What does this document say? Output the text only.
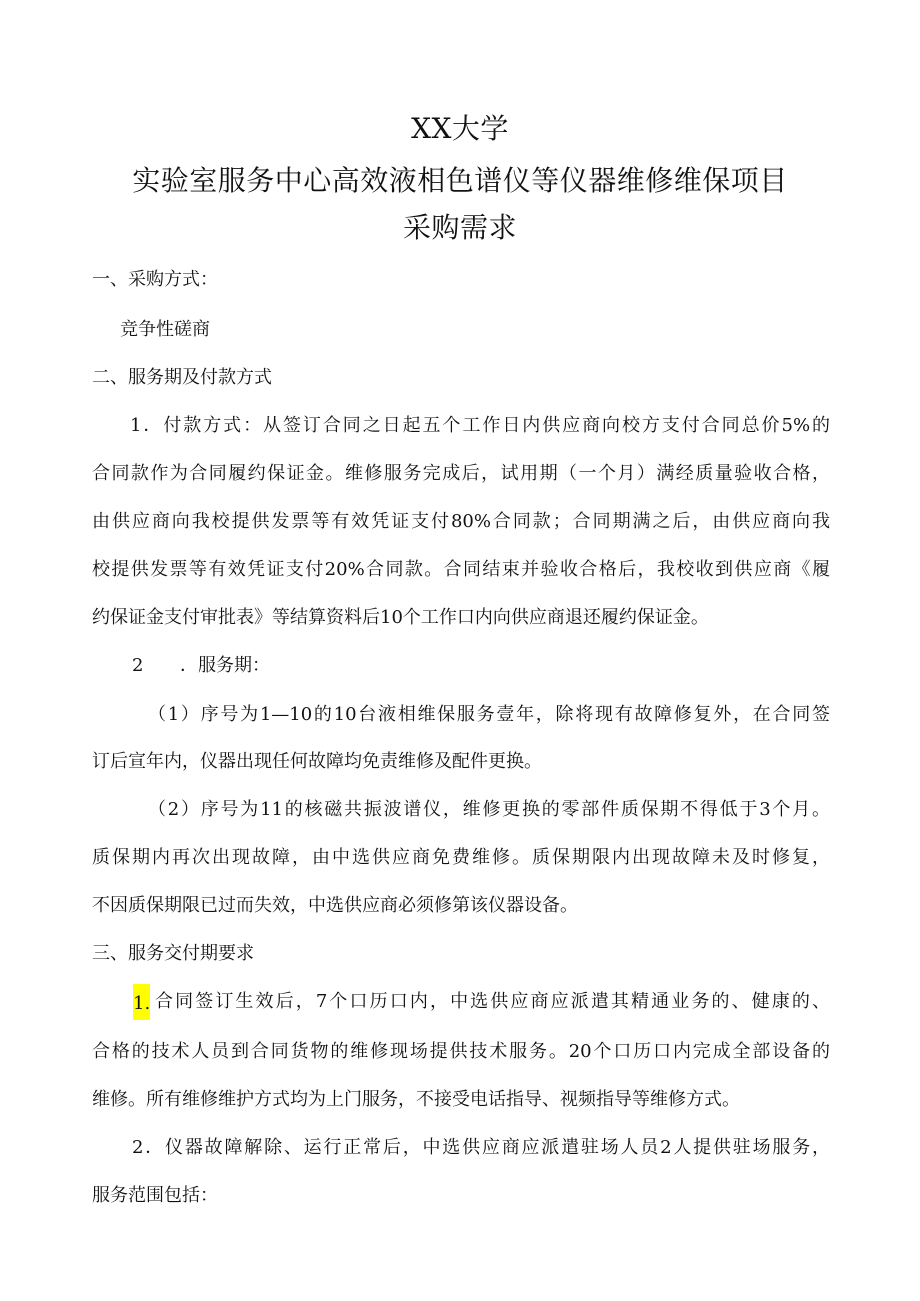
XX大学
实验室服务中心高效液相色谱仪等仪器维修维保项目
采购需求
一、采购方式：
竞争性磋商
二、服务期及付款方式
1．付款方式：从签订合同之日起五个工作日内供应商向校方支付合同总价5%的
合同款作为合同履约保证金。维修服务完成后，试用期（一个月）满经质量验收合格，
由供应商向我校提供发票等有效凭证支付80%合同款；合同期满之后，由供应商向我
校提供发票等有效凭证支付20%合同款。合同结束并验收合格后，我校收到供应商《履
约保证金支付审批表》等结算资料后10个工作口内向供应商退还履约保证金。
2 ．服务期：
（1）序号为1—10的10台液相维保服务壹年，除将现有故障修复外，在合同签
订后宣年内，仪器出现任何故障均免责维修及配件更换。
（2）序号为11的核磁共振波谱仪，维修更换的零部件质保期不得低于3个月。
质保期内再次出现故障，由中选供应商免费维修。质保期限内出现故障未及时修复，
不因质保期限已过而失效，中选供应商必须修第该仪器设备。
三、服务交付期要求
1. 合同签订生效后，7个口历口内，中选供应商应派遣其精通业务的、健康的、
合格的技术人员到合同货物的维修现场提供技术服务。20个口历口内完成全部设备的
维修。所有维修维护方式均为上门服务，不接受电话指导、视频指导等维修方式。
2．仪器故障解除、运行正常后，中选供应商应派遣驻场人员2人提供驻场服务，
服务范围包括：
